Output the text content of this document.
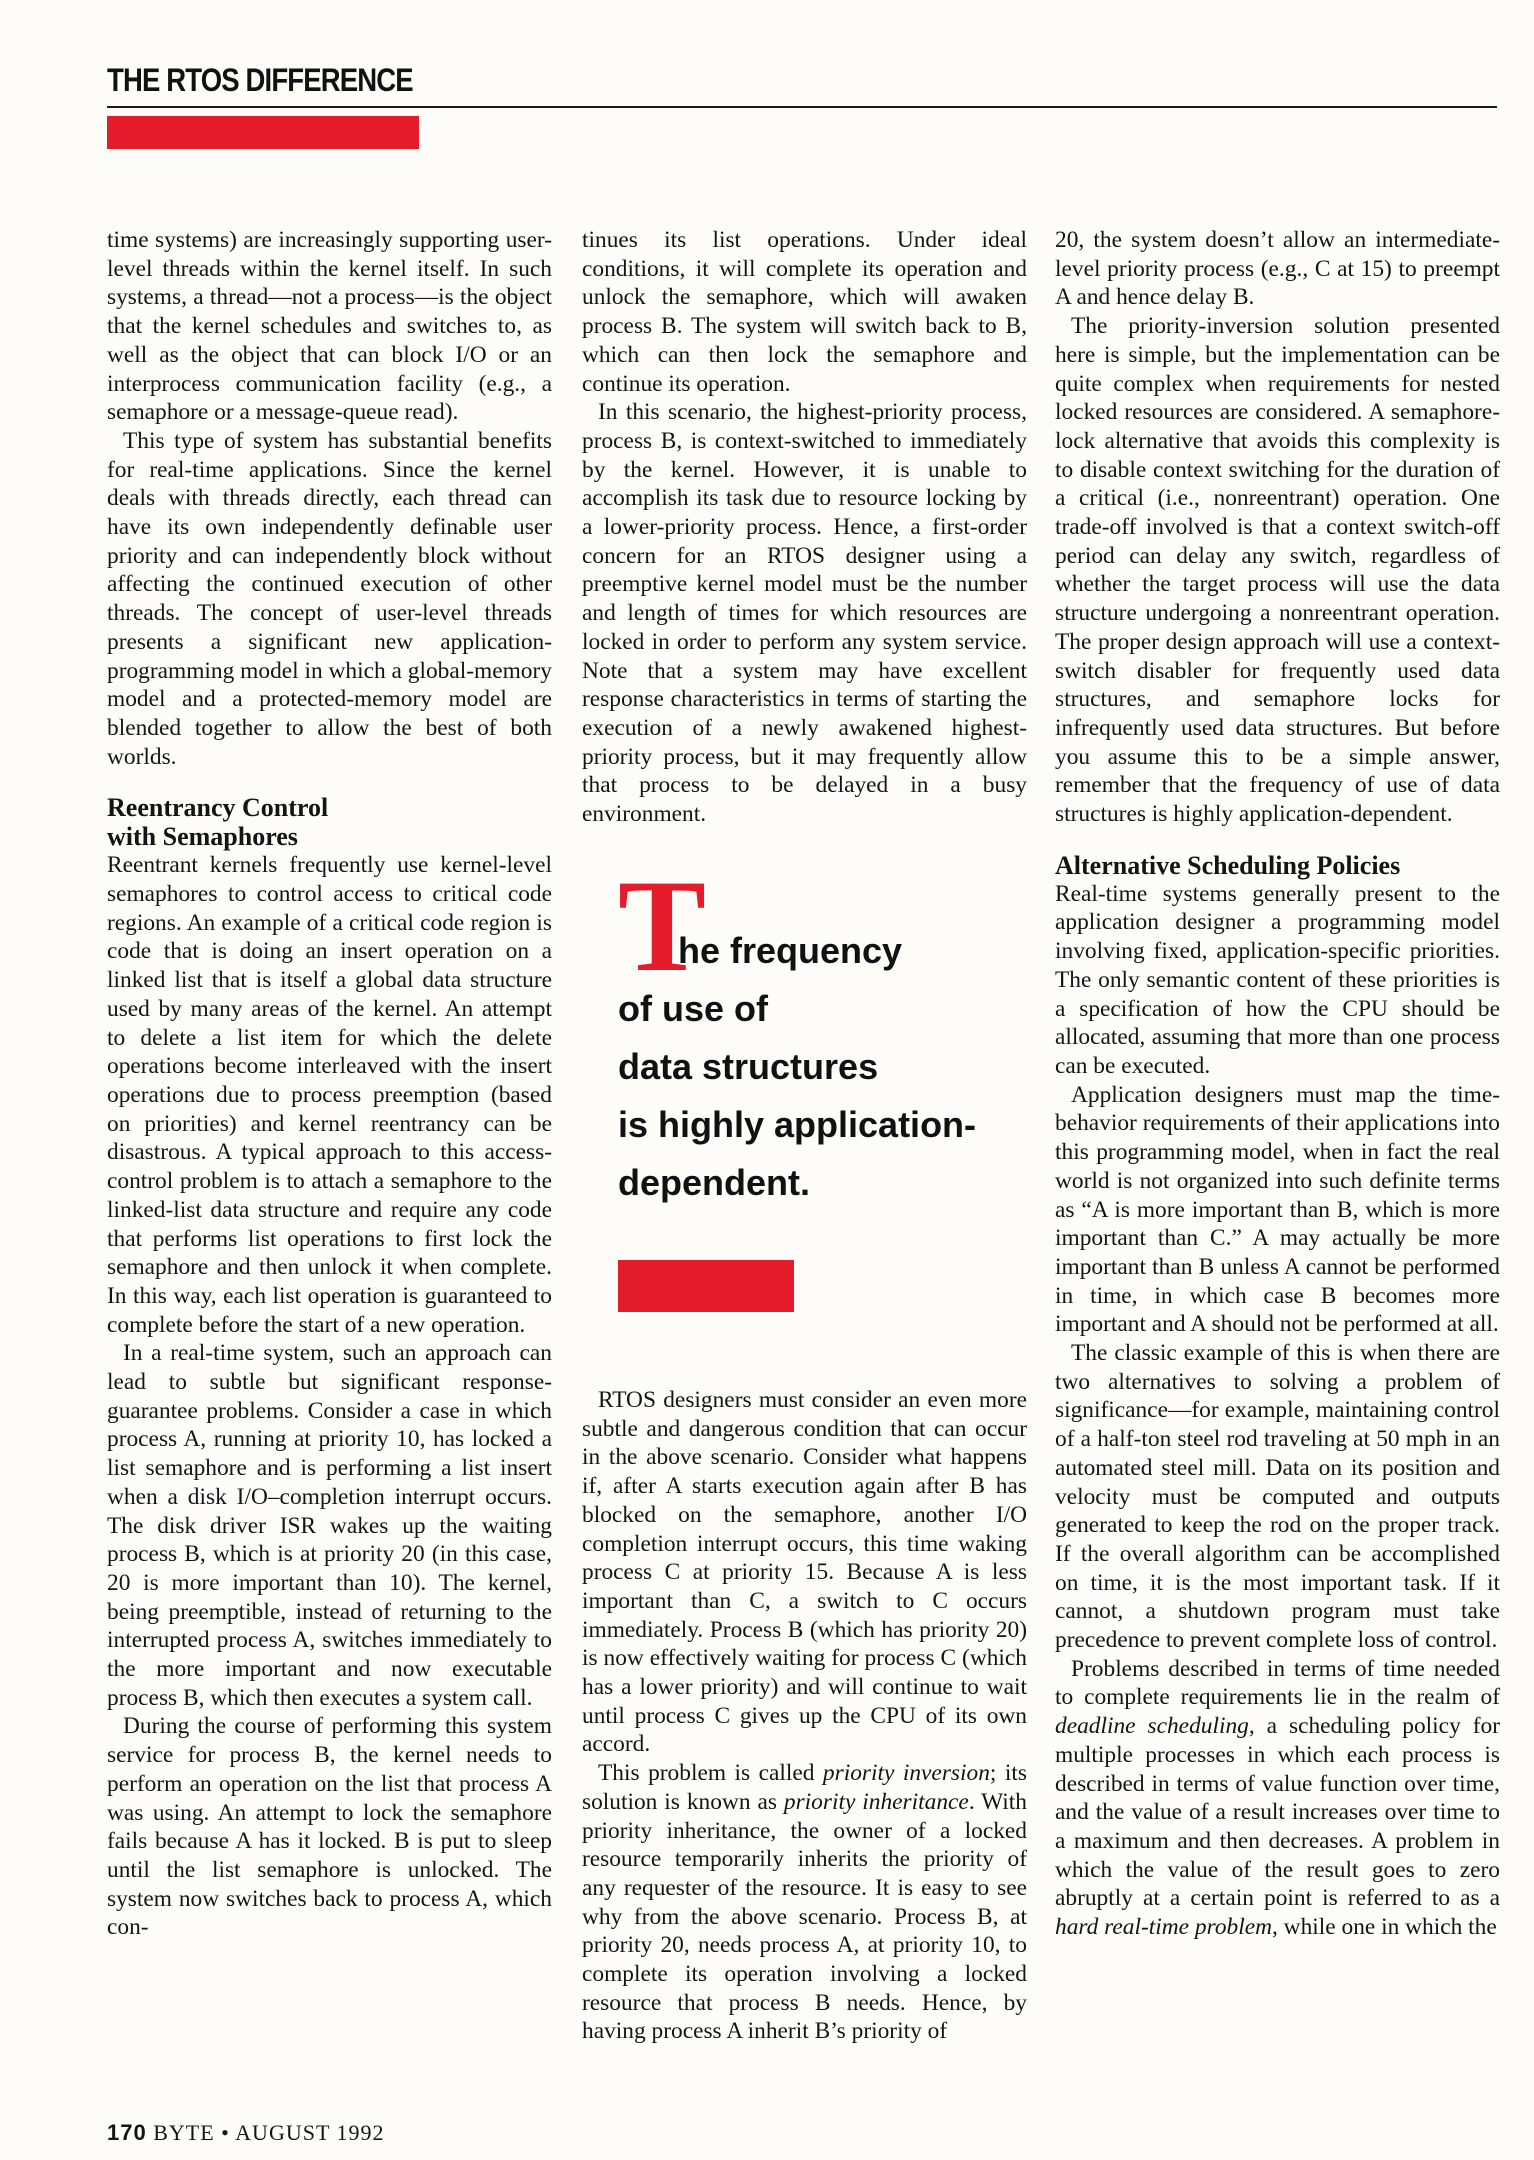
THE RTOS DIFFERENCE

time systems) are increasingly supporting user-level threads within the kernel itself. In such systems, a thread—not a process—is the object that the kernel schedules and switches to, as well as the object that can block I/O or an interprocess communication facility (e.g., a semaphore or a message-queue read).

This type of system has substantial benefits for real-time applications. Since the kernel deals with threads directly, each thread can have its own independently definable user priority and can independently block without affecting the continued execution of other threads. The concept of user-level threads presents a significant new application-programming model in which a global-memory model and a protected-memory model are blended together to allow the best of both worlds.

Reentrancy Control
with Semaphores

Reentrant kernels frequently use kernel-level semaphores to control access to critical code regions. An example of a critical code region is code that is doing an insert operation on a linked list that is itself a global data structure used by many areas of the kernel. An attempt to delete a list item for which the delete operations become interleaved with the insert operations due to process preemption (based on priorities) and kernel reentrancy can be disastrous. A typical approach to this access-control problem is to attach a semaphore to the linked-list data structure and require any code that performs list operations to first lock the semaphore and then unlock it when complete. In this way, each list operation is guaranteed to complete before the start of a new operation.

In a real-time system, such an approach can lead to subtle but significant response-guarantee problems. Consider a case in which process A, running at priority 10, has locked a list semaphore and is performing a list insert when a disk I/O–completion interrupt occurs. The disk driver ISR wakes up the waiting process B, which is at priority 20 (in this case, 20 is more important than 10). The kernel, being preemptible, instead of returning to the interrupted process A, switches immediately to the more important and now executable process B, which then executes a system call.

During the course of performing this system service for process B, the kernel needs to perform an operation on the list that process A was using. An attempt to lock the semaphore fails because A has it locked. B is put to sleep until the list semaphore is unlocked. The system now switches back to process A, which con-

tinues its list operations. Under ideal conditions, it will complete its operation and unlock the semaphore, which will awaken process B. The system will switch back to B, which can then lock the semaphore and continue its operation.

In this scenario, the highest-priority process, process B, is context-switched to immediately by the kernel. However, it is unable to accomplish its task due to resource locking by a lower-priority process. Hence, a first-order concern for an RTOS designer using a preemptive kernel model must be the number and length of times for which resources are locked in order to perform any system service. Note that a system may have excellent response characteristics in terms of starting the execution of a newly awakened highest-priority process, but it may frequently allow that process to be delayed in a busy environment.

T
he frequency
of use of
data structures
is highly application-
dependent.

RTOS designers must consider an even more subtle and dangerous condition that can occur in the above scenario. Consider what happens if, after A starts execution again after B has blocked on the semaphore, another I/O completion interrupt occurs, this time waking process C at priority 15. Because A is less important than C, a switch to C occurs immediately. Process B (which has priority 20) is now effectively waiting for process C (which has a lower priority) and will continue to wait until process C gives up the CPU of its own accord.

This problem is called priority inversion; its solution is known as priority inheritance. With priority inheritance, the owner of a locked resource temporarily inherits the priority of any requester of the resource. It is easy to see why from the above scenario. Process B, at priority 20, needs process A, at priority 10, to complete its operation involving a locked resource that process B needs. Hence, by having process A inherit B’s priority of

20, the system doesn’t allow an intermediate-level priority process (e.g., C at 15) to preempt A and hence delay B.

The priority-inversion solution presented here is simple, but the implementation can be quite complex when requirements for nested locked resources are considered. A semaphore-lock alternative that avoids this complexity is to disable context switching for the duration of a critical (i.e., nonreentrant) operation. One trade-off involved is that a context switch-off period can delay any switch, regardless of whether the target process will use the data structure undergoing a nonreentrant operation. The proper design approach will use a context-switch disabler for frequently used data structures, and semaphore locks for infrequently used data structures. But before you assume this to be a simple answer, remember that the frequency of use of data structures is highly application-dependent.

Alternative Scheduling Policies

Real-time systems generally present to the application designer a programming model involving fixed, application-specific priorities. The only semantic content of these priorities is a specification of how the CPU should be allocated, assuming that more than one process can be executed.

Application designers must map the time-behavior requirements of their applications into this programming model, when in fact the real world is not organized into such definite terms as “A is more important than B, which is more important than C.” A may actually be more important than B unless A cannot be performed in time, in which case B becomes more important and A should not be performed at all.

The classic example of this is when there are two alternatives to solving a problem of significance—for example, maintaining control of a half-ton steel rod traveling at 50 mph in an automated steel mill. Data on its position and velocity must be computed and outputs generated to keep the rod on the proper track. If the overall algorithm can be accomplished on time, it is the most important task. If it cannot, a shutdown program must take precedence to prevent complete loss of control.

Problems described in terms of time needed to complete requirements lie in the realm of deadline scheduling, a scheduling policy for multiple processes in which each process is described in terms of value function over time, and the value of a result increases over time to a maximum and then decreases. A problem in which the value of the result goes to zero abruptly at a certain point is referred to as a hard real-time problem, while one in which the

170 BYTE • AUGUST 1992
